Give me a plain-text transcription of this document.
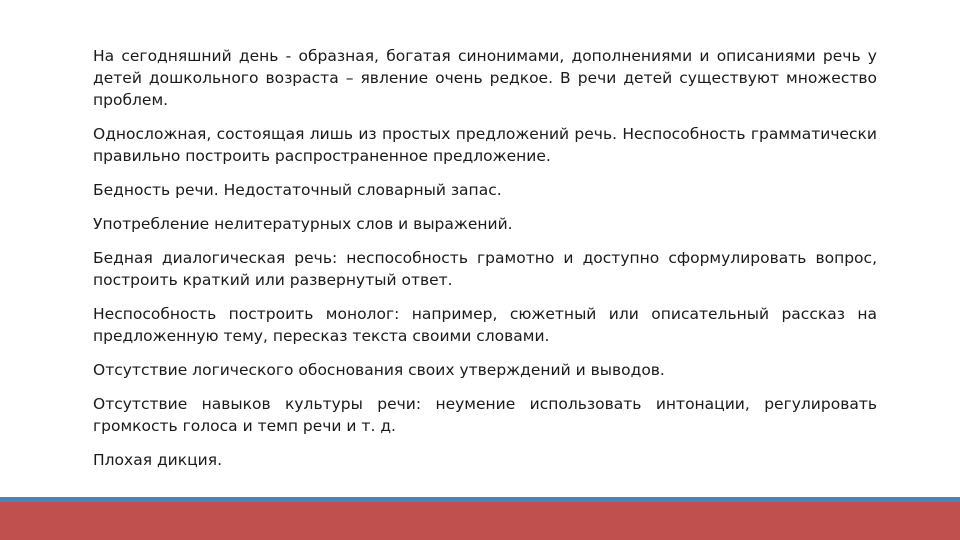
На сегодняшний день - образная, богатая синонимами, дополнениями и описаниями речь у детей дошкольного возраста – явление очень редкое. В речи детей существуют множество проблем.

Односложная, состоящая лишь из простых предложений речь. Неспособность грамматически правильно построить распространенное предложение.

Бедность речи. Недостаточный словарный запас.

Употребление нелитературных слов и выражений.

Бедная диалогическая речь: неспособность грамотно и доступно сформулировать вопрос, построить краткий или развернутый ответ.

Неспособность построить монолог: например, сюжетный или описательный рассказ на предложенную тему, пересказ текста своими словами.

Отсутствие логического обоснования своих утверждений и выводов.

Отсутствие навыков культуры речи: неумение использовать интонации, регулировать громкость голоса и темп речи и т. д.

Плохая дикция.
